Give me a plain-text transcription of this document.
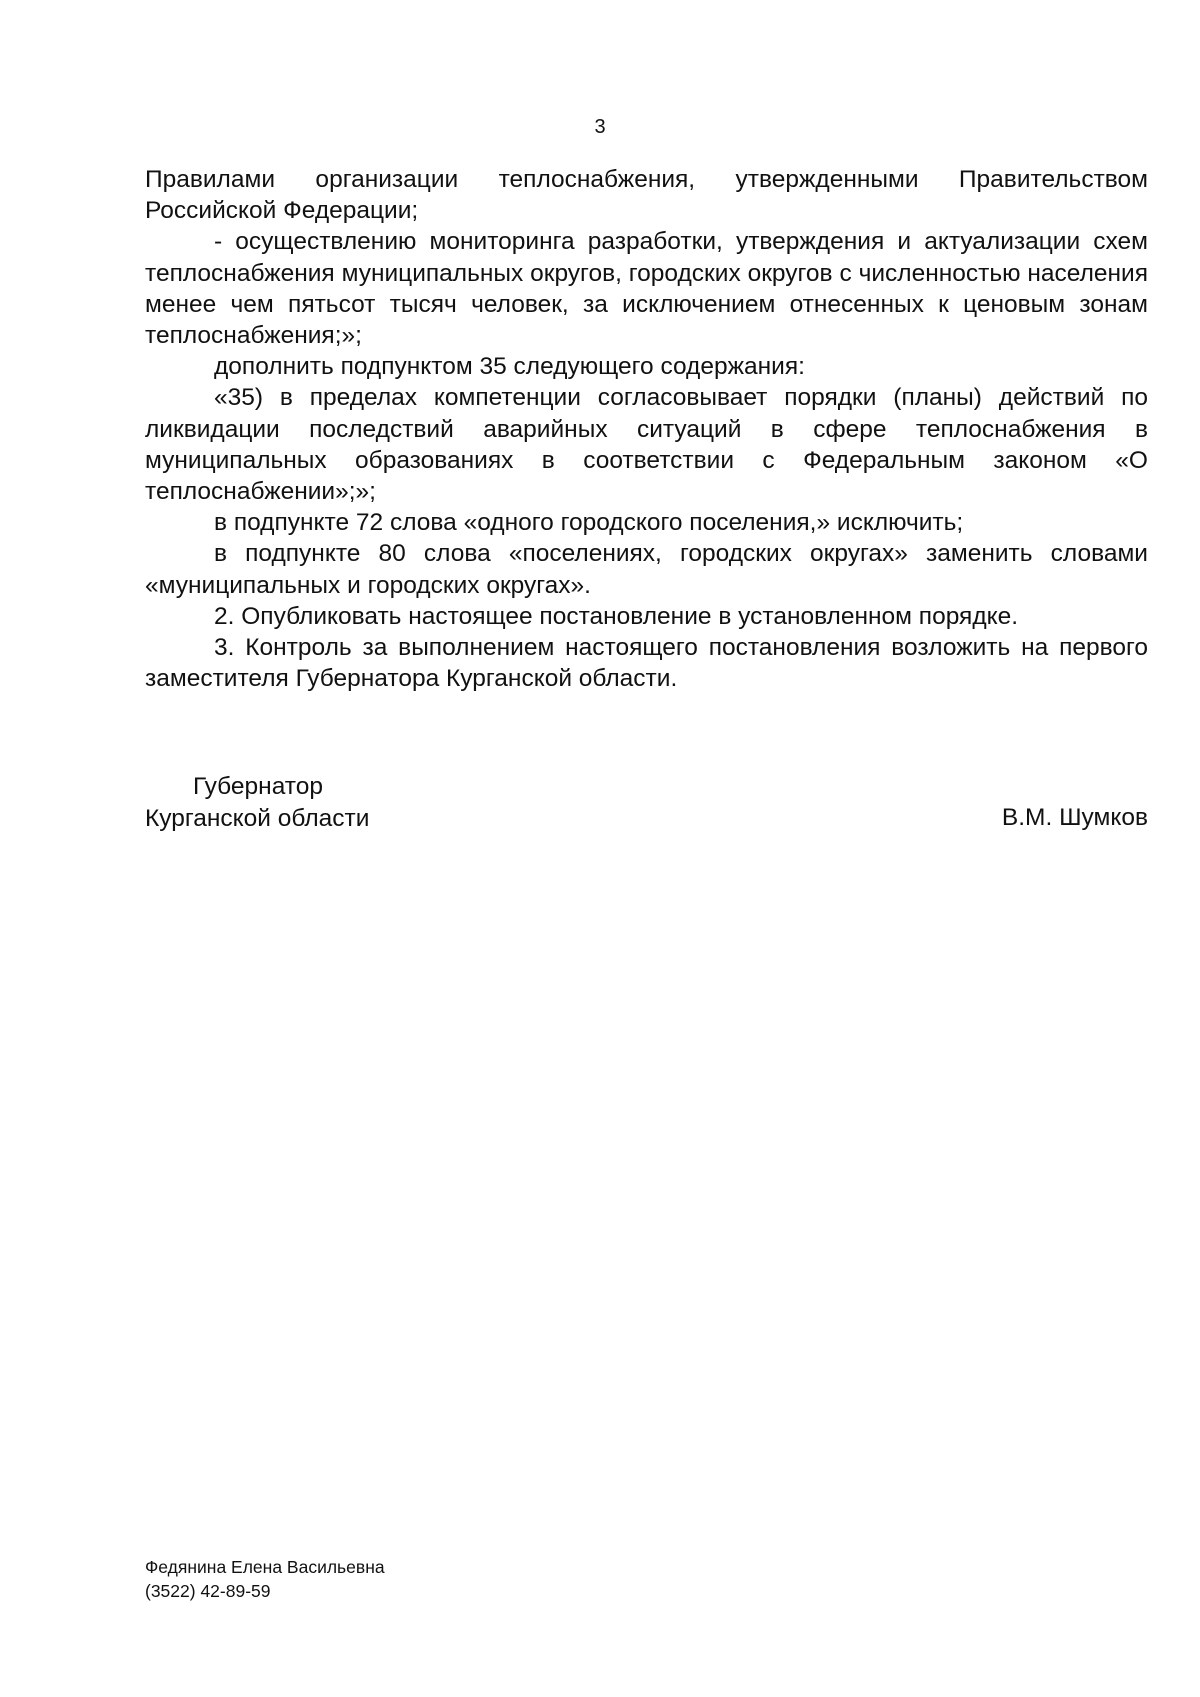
3

Правилами организации теплоснабжения, утвержденными Правительством Российской Федерации;

- осуществлению мониторинга разработки, утверждения и актуализации схем теплоснабжения муниципальных округов, городских округов с численностью населения менее чем пятьсот тысяч человек, за исключением отнесенных к ценовым зонам теплоснабжения;»;

дополнить подпунктом 35 следующего содержания:

«35) в пределах компетенции согласовывает порядки (планы) действий по ликвидации последствий аварийных ситуаций в сфере теплоснабжения в муниципальных образованиях в соответствии с Федеральным законом «О теплоснабжении»;»;

в подпункте 72 слова «одного городского поселения,» исключить;

в подпункте 80 слова «поселениях, городских округах» заменить словами «муниципальных и городских округах».

2. Опубликовать настоящее постановление в установленном порядке.

3. Контроль за выполнением настоящего постановления возложить на первого заместителя Губернатора Курганской области.

Губернатор
Курганской области	В.М. Шумков
Федянина Елена Васильевна
(3522) 42-89-59
